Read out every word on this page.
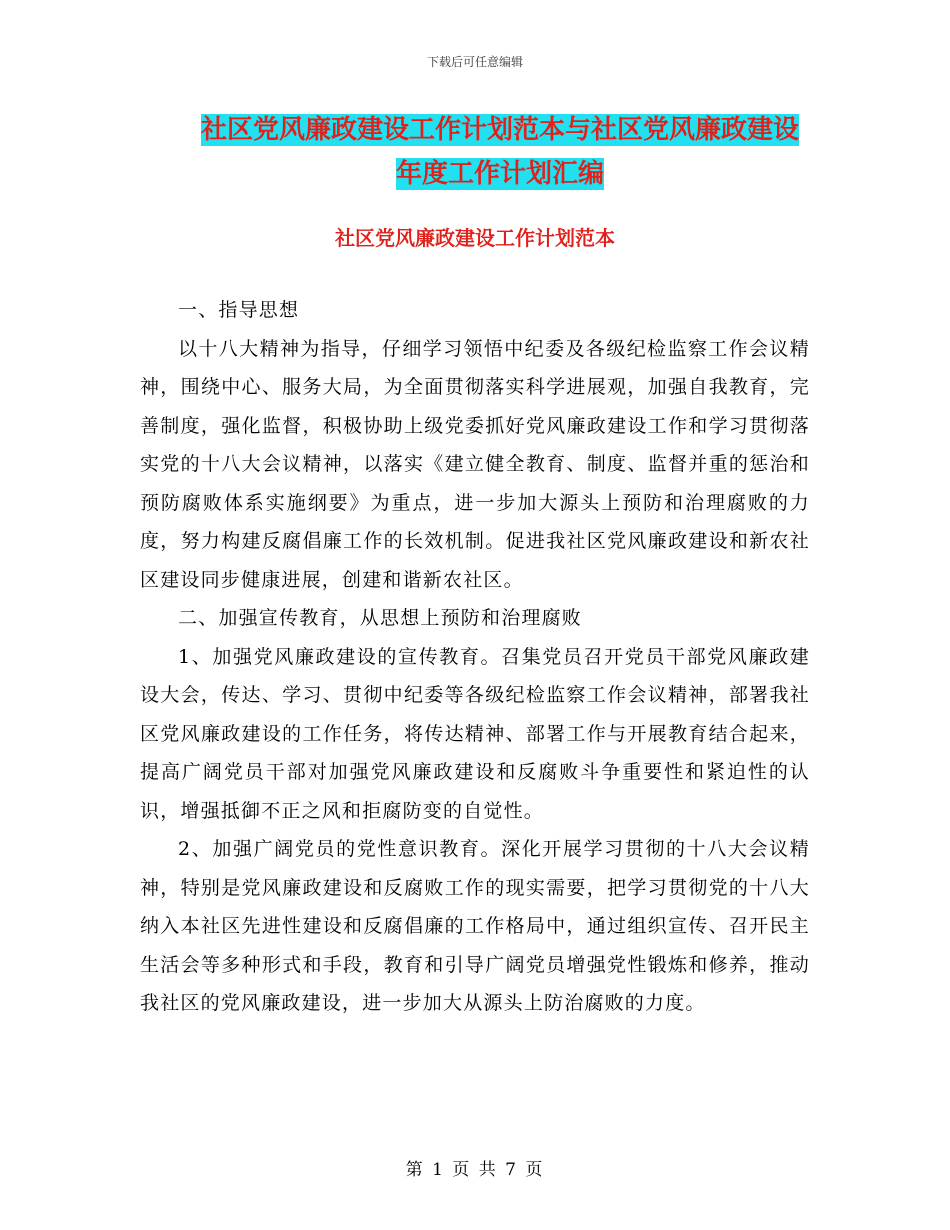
下载后可任意编辑
社区党风廉政建设工作计划范本与社区党风廉政建设
年度工作计划汇编
社区党风廉政建设工作计划范本

一、指导思想

以十八大精神为指导，仔细学习领悟中纪委及各级纪检监察工作会议精神，围绕中心、服务大局，为全面贯彻落实科学进展观，加强自我教育，完善制度，强化监督，积极协助上级党委抓好党风廉政建设工作和学习贯彻落实党的十八大会议精神，以落实《建立健全教育、制度、监督并重的惩治和预防腐败体系实施纲要》为重点，进一步加大源头上预防和治理腐败的力度，努力构建反腐倡廉工作的长效机制。促进我社区党风廉政建设和新农社区建设同步健康进展，创建和谐新农社区。

二、加强宣传教育，从思想上预防和治理腐败

1、加强党风廉政建设的宣传教育。召集党员召开党员干部党风廉政建设大会，传达、学习、贯彻中纪委等各级纪检监察工作会议精神，部署我社区党风廉政建设的工作任务，将传达精神、部署工作与开展教育结合起来，提高广阔党员干部对加强党风廉政建设和反腐败斗争重要性和紧迫性的认识，增强抵御不正之风和拒腐防变的自觉性。

2、加强广阔党员的党性意识教育。深化开展学习贯彻的十八大会议精神，特别是党风廉政建设和反腐败工作的现实需要，把学习贯彻党的十八大纳入本社区先进性建设和反腐倡廉的工作格局中，通过组织宣传、召开民主生活会等多种形式和手段，教育和引导广阔党员增强党性锻炼和修养，推动我社区的党风廉政建设，进一步加大从源头上防治腐败的力度。

第 1 页 共 7 页
